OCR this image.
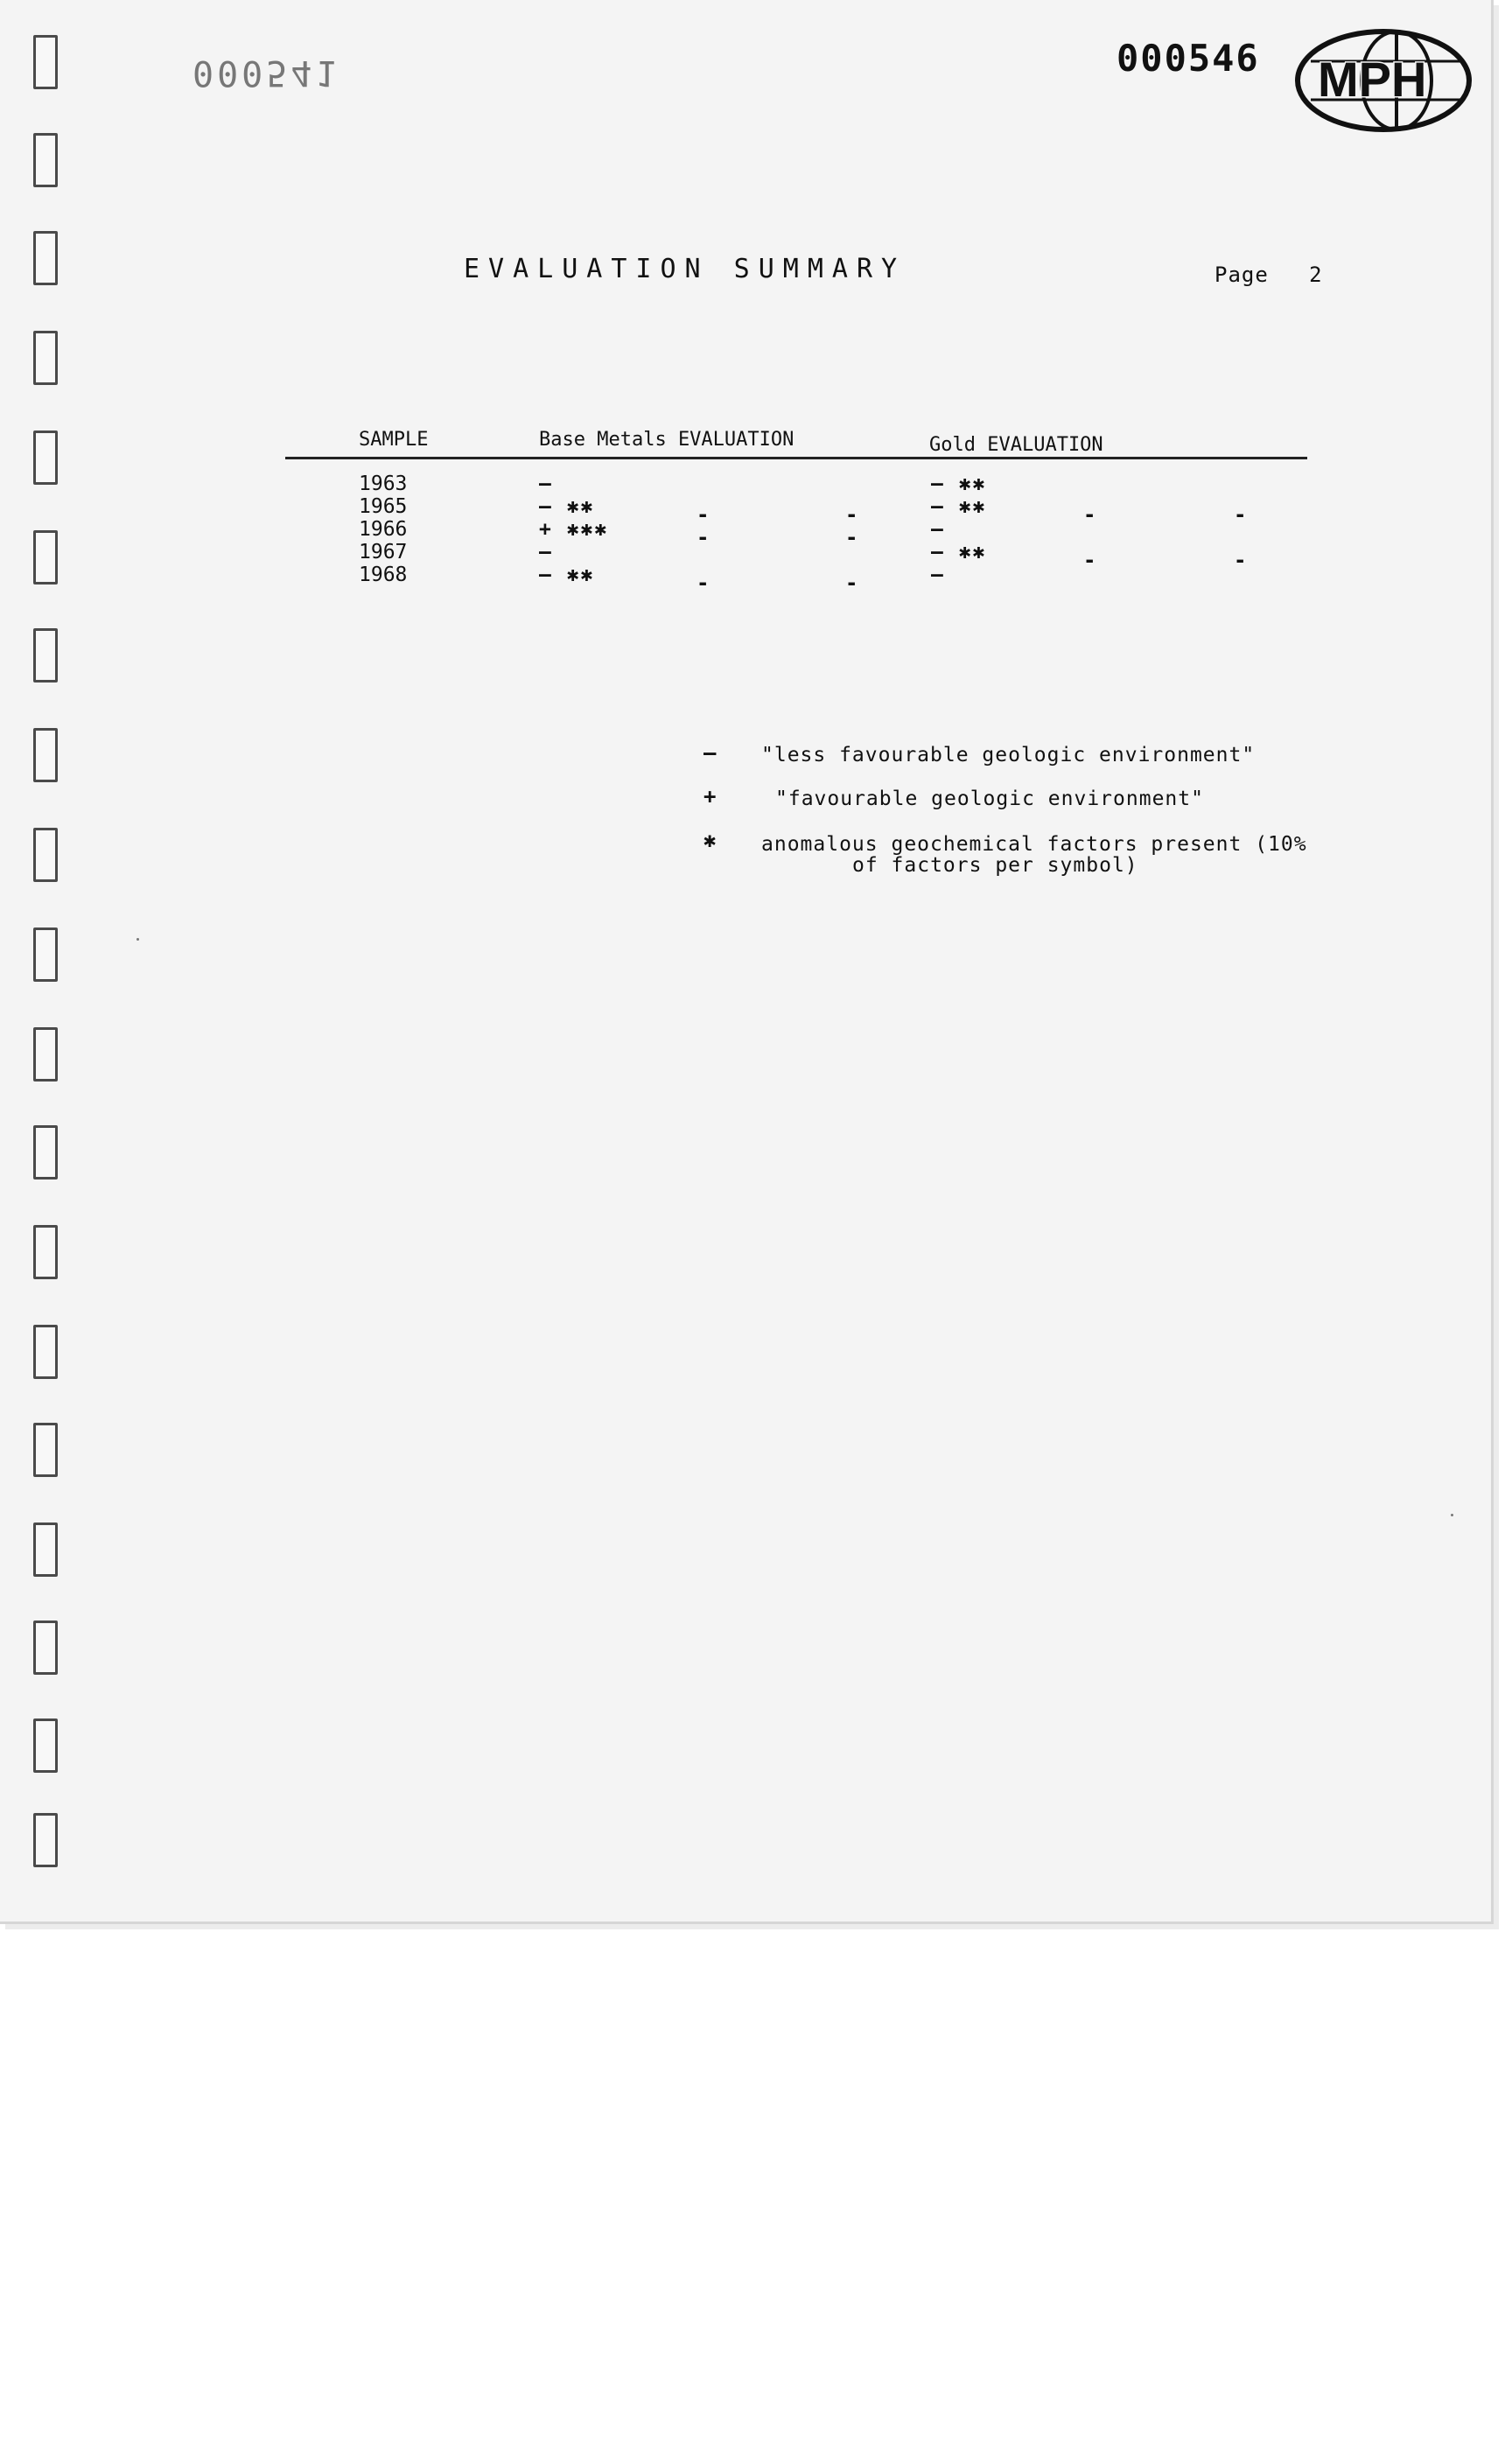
000541	000546 MPH
EVALUATION SUMMARY	Page 2
SAMPLE	Base Metals EVALUATION	Gold EVALUATION
1963	—	— ✱✱
1965	— ✱✱	-	-	— ✱✱	-	-
1966	+ ✱✱✱	-	-	—
1967	—	— ✱✱	-	-
1968	— ✱✱	-	-	—
— "less favourable geologic environment"
+	"favourable geologic environment"
✱ anomalous geochemical factors present (10%
of factors per symbol)
